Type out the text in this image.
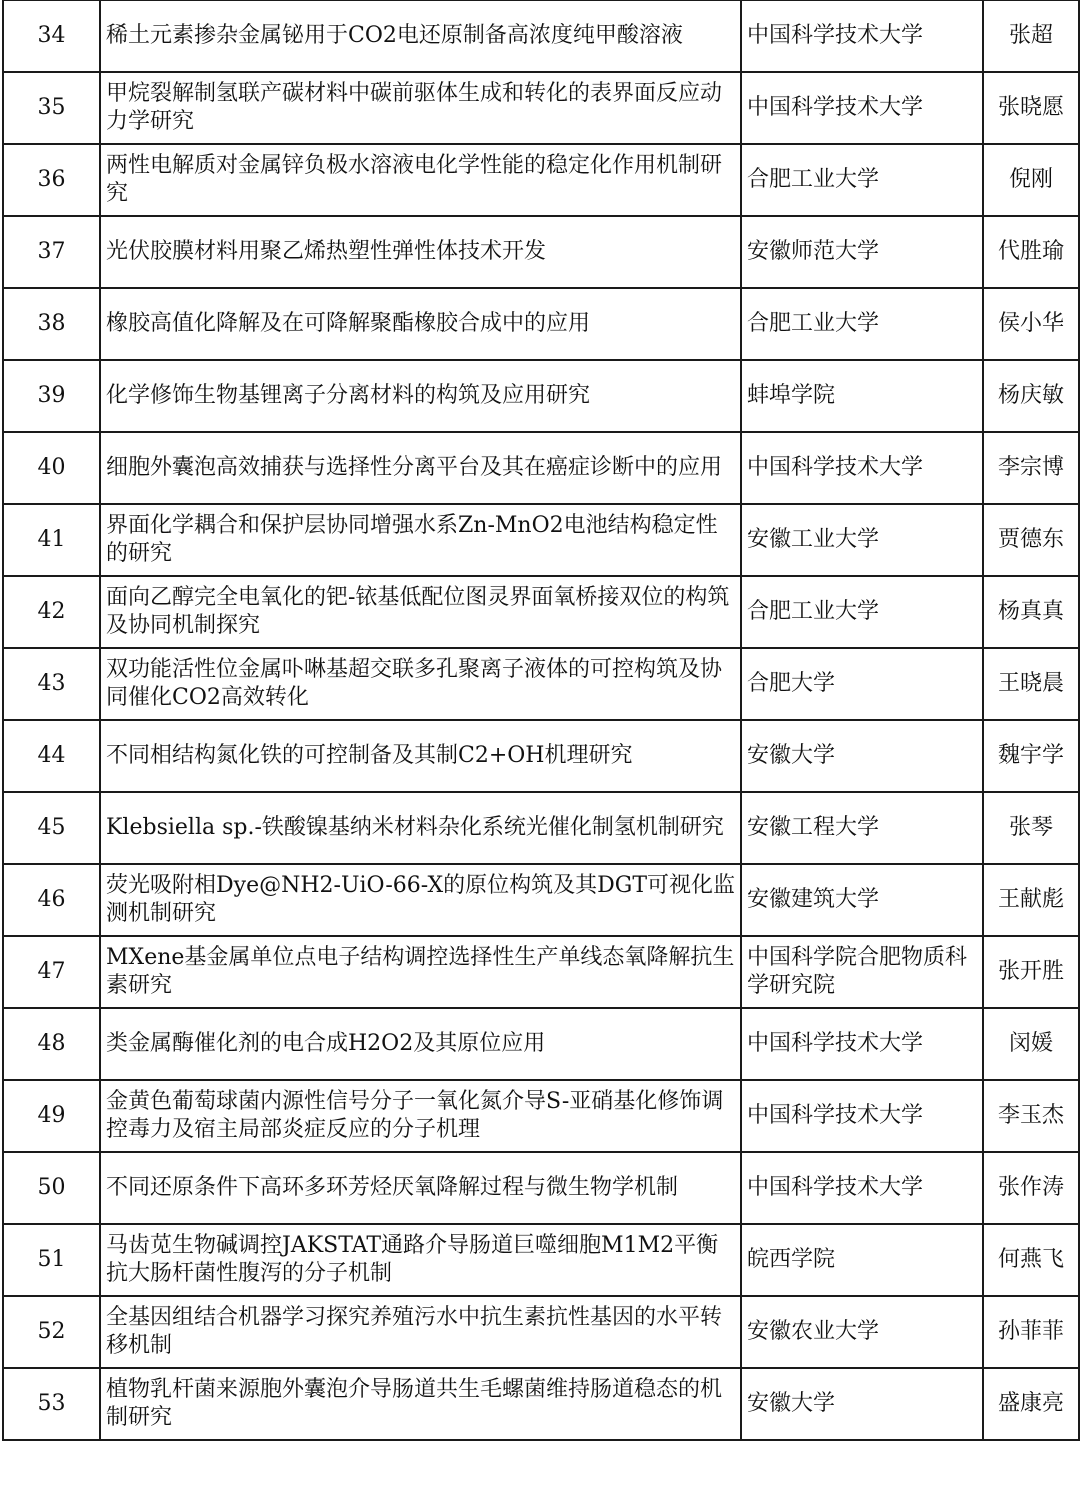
34	稀土元素掺杂金属铋用于CO2电还原制备高浓度纯甲酸溶液	中国科学技术大学	张超
35	甲烷裂解制氢联产碳材料中碳前驱体生成和转化的表界面反应动力学研究	中国科学技术大学	张晓愿
36	两性电解质对金属锌负极水溶液电化学性能的稳定化作用机制研究	合肥工业大学	倪刚
37	光伏胶膜材料用聚乙烯热塑性弹性体技术开发	安徽师范大学	代胜瑜
38	橡胶高值化降解及在可降解聚酯橡胶合成中的应用	合肥工业大学	侯小华
39	化学修饰生物基锂离子分离材料的构筑及应用研究	蚌埠学院	杨庆敏
40	细胞外囊泡高效捕获与选择性分离平台及其在癌症诊断中的应用	中国科学技术大学	李宗博
41	界面化学耦合和保护层协同增强水系Zn-MnO2电池结构稳定性的研究	安徽工业大学	贾德东
42	面向乙醇完全电氧化的钯-铱基低配位图灵界面氧桥接双位的构筑及协同机制探究	合肥工业大学	杨真真
43	双功能活性位金属卟啉基超交联多孔聚离子液体的可控构筑及协同催化CO2高效转化	合肥大学	王晓晨
44	不同相结构氮化铁的可控制备及其制C2+OH机理研究	安徽大学	魏宇学
45	Klebsiella sp.-铁酸镍基纳米材料杂化系统光催化制氢机制研究	安徽工程大学	张琴
46	荧光吸附相Dye@NH2-UiO-66-X的原位构筑及其DGT可视化监测机制研究	安徽建筑大学	王献彪
47	MXene基金属单位点电子结构调控选择性生产单线态氧降解抗生素研究	中国科学院合肥物质科学研究院	张开胜
48	类金属酶催化剂的电合成H2O2及其原位应用	中国科学技术大学	闵媛
49	金黄色葡萄球菌内源性信号分子一氧化氮介导S-亚硝基化修饰调控毒力及宿主局部炎症反应的分子机理	中国科学技术大学	李玉杰
50	不同还原条件下高环多环芳烃厌氧降解过程与微生物学机制	中国科学技术大学	张作涛
51	马齿苋生物碱调控JAKSTAT通路介导肠道巨噬细胞M1M2平衡抗大肠杆菌性腹泻的分子机制	皖西学院	何燕飞
52	全基因组结合机器学习探究养殖污水中抗生素抗性基因的水平转移机制	安徽农业大学	孙菲菲
53	植物乳杆菌来源胞外囊泡介导肠道共生毛螺菌维持肠道稳态的机制研究	安徽大学	盛康亮
